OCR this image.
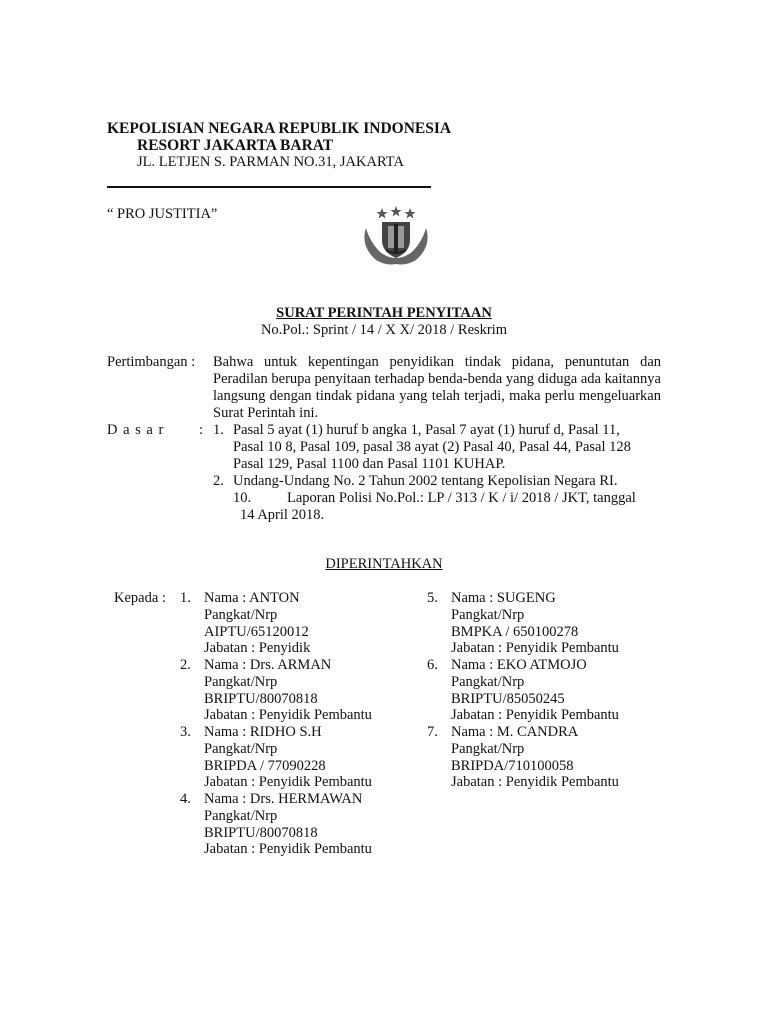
KEPOLISIAN NEGARA REPUBLIK INDONESIA
RESORT JAKARTA BARAT
JL. LETJEN S. PARMAN NO.31, JAKARTA
“ PRO JUSTITIA”
SURAT PERINTAH PENYITAAN
No.Pol.: Sprint / 14 / X X/ 2018 / Reskrim
Pertimbangan : Bahwa untuk kepentingan penyidikan tindak pidana, penuntutan dan Peradilan berupa penyitaan terhadap benda-benda yang diduga ada kaitannya langsung dengan tindak pidana yang telah terjadi, maka perlu mengeluarkan Surat Perintah ini.
D a s a r : 1. Pasal 5 ayat (1) huruf b angka 1, Pasal 7 ayat (1) huruf d, Pasal 11,
Pasal 10 8, Pasal 109, pasal 38 ayat (2) Pasal 40, Pasal 44, Pasal 128
Pasal 129, Pasal 1100 dan Pasal 1101 KUHAP.
2. Undang-Undang No. 2 Tahun 2002 tentang Kepolisian Negara RI.
10. Laporan Polisi No.Pol.: LP / 313 / K / i/ 2018 / JKT, tanggal
14 April 2018.
DIPERINTAHKAN
Kepada : 1. Nama : ANTON
Pangkat/Nrp
AIPTU/65120012
Jabatan : Penyidik
2. Nama : Drs. ARMAN
Pangkat/Nrp
BRIPTU/80070818
Jabatan : Penyidik Pembantu
3. Nama : RIDHO S.H
Pangkat/Nrp
BRIPDA / 77090228
Jabatan : Penyidik Pembantu
4. Nama : Drs. HERMAWAN
Pangkat/Nrp
BRIPTU/80070818
Jabatan : Penyidik Pembantu
5. Nama : SUGENG
Pangkat/Nrp
BMPKA / 650100278
Jabatan : Penyidik Pembantu
6. Nama : EKO ATMOJO
Pangkat/Nrp
BRIPTU/85050245
Jabatan : Penyidik Pembantu
7. Nama : M. CANDRA
Pangkat/Nrp
BRIPDA/710100058
Jabatan : Penyidik Pembantu
